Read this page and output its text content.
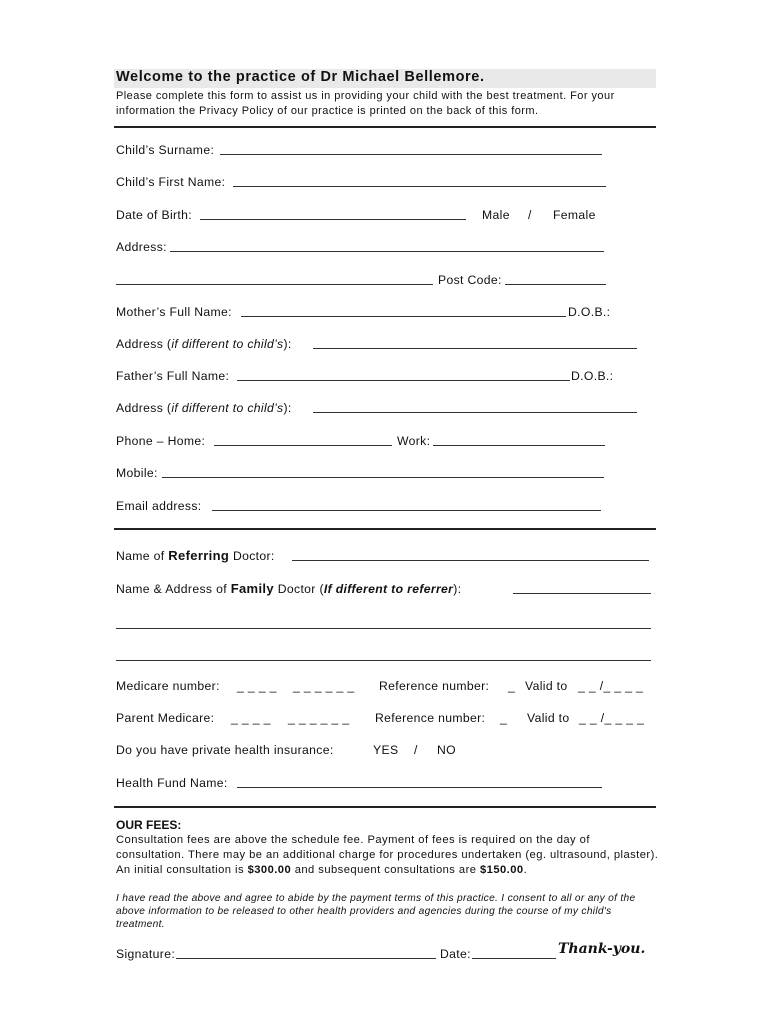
Welcome to the practice of Dr Michael Bellemore.
Please complete this form to assist us in providing your child with the best treatment. For your information the Privacy Policy of our practice is printed on the back of this form.
Child’s Surname:
Child’s First Name:
Date of Birth:	Male / Female
Address:
Post Code:
Mother’s Full Name:	D.O.B.:
Address (if different to child’s):
Father’s Full Name:	D.O.B.:
Address (if different to child’s):
Phone – Home:	Work:
Mobile:
Email address:
Name of Referring Doctor:
Name & Address of Family Doctor (If different to referrer):
Medicare number: _ _ _ _ _ _ _ _ _ _ Reference number: _ Valid to _ _ /_ _ _ _
Parent Medicare: _ _ _ _ _ _ _ _ _ _ Reference number: _ Valid to _ _ /_ _ _ _
Do you have private health insurance:	YES / NO
Health Fund Name:
OUR FEES:
Consultation fees are above the schedule fee. Payment of fees is required on the day of consultation. There may be an additional charge for procedures undertaken (eg. ultrasound, plaster). An initial consultation is $300.00 and subsequent consultations are $150.00.
I have read the above and agree to abide by the payment terms of this practice. I consent to all or any of the above information to be released to other health providers and agencies during the course of my child's treatment.
Signature:	Date:	Thank-you.
